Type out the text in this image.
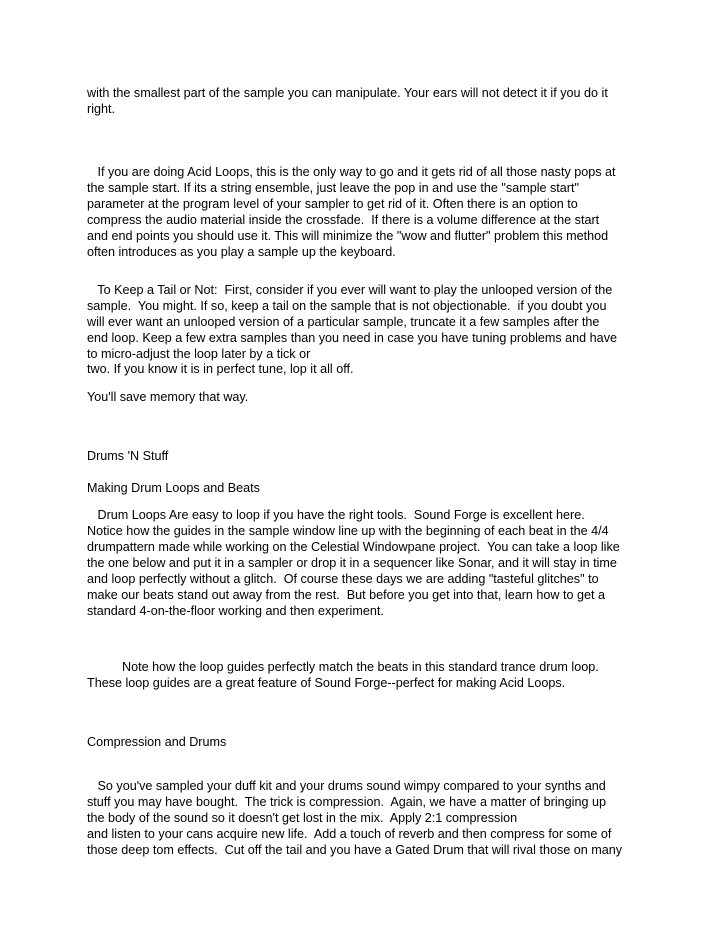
with the smallest part of the sample you can manipulate. Your ears will not detect it if you do it
right.
If you are doing Acid Loops, this is the only way to go and it gets rid of all those nasty pops at
the sample start. If its a string ensemble, just leave the pop in and use the "sample start"
parameter at the program level of your sampler to get rid of it. Often there is an option to
compress the audio material inside the crossfade.  If there is a volume difference at the start
and end points you should use it. This will minimize the "wow and flutter" problem this method
often introduces as you play a sample up the keyboard.
To Keep a Tail or Not:  First, consider if you ever will want to play the unlooped version of the
sample.  You might. If so, keep a tail on the sample that is not objectionable.  if you doubt you
will ever want an unlooped version of a particular sample, truncate it a few samples after the
end loop. Keep a few extra samples than you need in case you have tuning problems and have
to micro-adjust the loop later by a tick or
two. If you know it is in perfect tune, lop it all off.
You'll save memory that way.
Drums 'N Stuff
Making Drum Loops and Beats
Drum Loops Are easy to loop if you have the right tools.  Sound Forge is excellent here.
Notice how the guides in the sample window line up with the beginning of each beat in the 4/4
drumpattern made while working on the Celestial Windowpane project.  You can take a loop like
the one below and put it in a sampler or drop it in a sequencer like Sonar, and it will stay in time
and loop perfectly without a glitch.  Of course these days we are adding "tasteful glitches" to
make our beats stand out away from the rest.  But before you get into that, learn how to get a
standard 4-on-the-floor working and then experiment.
Note how the loop guides perfectly match the beats in this standard trance drum loop.
These loop guides are a great feature of Sound Forge--perfect for making Acid Loops.
Compression and Drums
So you've sampled your duff kit and your drums sound wimpy compared to your synths and
stuff you may have bought.  The trick is compression.  Again, we have a matter of bringing up
the body of the sound so it doesn't get lost in the mix.  Apply 2:1 compression
and listen to your cans acquire new life.  Add a touch of reverb and then compress for some of
those deep tom effects.  Cut off the tail and you have a Gated Drum that will rival those on many
